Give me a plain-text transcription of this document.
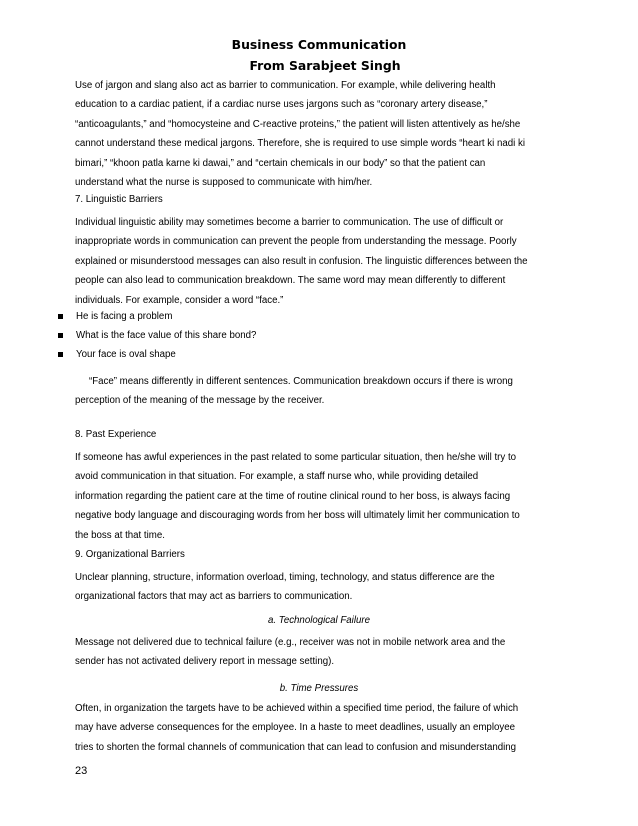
Business Communication
From Sarabjeet Singh
Use of jargon and slang also act as barrier to communication. For example, while delivering health
education to a cardiac patient, if a cardiac nurse uses jargons such as “coronary artery disease,”
“anticoagulants,” and “homocysteine and C-reactive proteins,” the patient will listen attentively as he/she
cannot understand these medical jargons. Therefore, she is required to use simple words “heart ki nadi ki
bimari,” “khoon patla karne ki dawai,” and “certain chemicals in our body” so that the patient can
understand what the nurse is supposed to communicate with him/her.
7. Linguistic Barriers
Individual linguistic ability may sometimes become a barrier to communication. The use of difficult or
inappropriate words in communication can prevent the people from understanding the message. Poorly
explained or misunderstood messages can also result in confusion. The linguistic differences between the
people can also lead to communication breakdown. The same word may mean differently to different
individuals. For example, consider a word “face.”
He is facing a problem
What is the face value of this share bond?
Your face is oval shape
“Face” means differently in different sentences. Communication breakdown occurs if there is wrong
perception of the meaning of the message by the receiver.
8. Past Experience
If someone has awful experiences in the past related to some particular situation, then he/she will try to
avoid communication in that situation. For example, a staff nurse who, while providing detailed
information regarding the patient care at the time of routine clinical round to her boss, is always facing
negative body language and discouraging words from her boss will ultimately limit her communication to
the boss at that time.
9. Organizational Barriers
Unclear planning, structure, information overload, timing, technology, and status difference are the
organizational factors that may act as barriers to communication.
a. Technological Failure
Message not delivered due to technical failure (e.g., receiver was not in mobile network area and the
sender has not activated delivery report in message setting).
b. Time Pressures
Often, in organization the targets have to be achieved within a specified time period, the failure of which
may have adverse consequences for the employee. In a haste to meet deadlines, usually an employee
tries to shorten the formal channels of communication that can lead to confusion and misunderstanding
23
